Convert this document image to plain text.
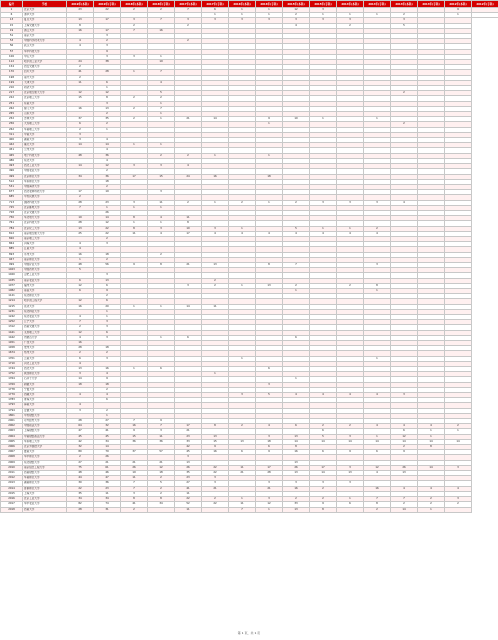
编号	学校	2019年(本科)	2019年(专科)	2018年(本科)	2018年(专科)	2017年(本科)	2017年(专科)	2016年(本科)	2016年(专科)	2015年(本科)	2015年(专科)	2014年(本科)	2014年(专科)	2013年(本科)	2013年(专科)	2012年(本科)	2012年(专科)
1	北京大学	23	22	2	2	7	6	1	1	12	3					9	
6	清华大学						1	1	1	2	1	1	1	2		1	
13	复旦大学	13	17	3	7	3	3	3	3	3	3	3		3			
15	上海交通大学	8		2		2				4		2		5			
19	浙江大学	16	17	7	16												
51	南京大学		3														
53	中国科学技术大学	4	2			2											
56	武汉大学	4	3														
57	华中科技大学		9														
106	中山大学		3	3	1												
112	哈尔滨工业大学	24	38		19												
154	西安交通大学	2															
170	四川大学	41	28	1	7												
198	南开大学	2															
199	天津大学	11	6		4												
210	同济大学		1														
217	北京航空航天大学	12	12		5									2			
222	北京理工大学	15	8	2	2												
251	东南大学		3		1												
262	厦门大学	16	13	2	7												
265	山东大学		2		1												
252	吉林大学	37	35	2	1	21	14		9	10	1		1				
256	大连理工大学	6	2						1					2			
262	华南理工大学	2	1														
311	中南大学	3															
400	湖南大学	3	4														
442	重庆大学	14	14	1	1												
451	兰州大学		4														
465	电子科技大学	48	36		2	2	1		1								
486	东北大学		4														
493	西北工业大学	14	12	3	3	4											
496	中国农业大学		2														
499	北京师范大学	34	36	17	15	24	16		18								
512	华东师范大学		18														
531	中国海洋大学		2														
677	西北农林科技大学	17	19		3												
685	中央民族大学	2															
713	国防科技大学	28	23	3	11	2	1	2	1	2	3	3	3	4			
725	北京邮电大学	7	1	1	1												
728	北京交通大学		26														
750	华北电力大学	19	14	8	4	11											
761	北京科技大学	28	12	1	1	8											
784	北京化工大学	13	22	8	3	10	3	1		5	1	1	2				
812	南京航空航天大学	25	22	11	4	17	4	4	4	4	4	4	4				
820	南京理工大学		2														
864	河海大学	4	3														
885	江南大学	4															
893	苏州大学	16	18		2												
947	南京师范大学	1	2														
999	中国矿业大学	48	56	9	8	21	13		8	7			3				
1023	中国药科大学	5															
1020	合肥工业大学		3														
1035	南京农业大学	6	13				2										
1077	福州大学	12	6			3	2	1	13	2		2	8				
1082	南昌大学	6	9							1			1				
1121	东北师范大学		2														
1214	哈尔滨工程大学	12	6														
1215	延边大学	16	20	1	1	14	11										
1231	东北林业大学		1														
1242	东北农业大学	4	1														
1252	辽宁大学	7	3														
1312	西南交通大学	2	3														
1441	太原理工大学	12	6														
1442	内蒙古大学	4	3		1	6				6							
1451	广西大学	16															
1458	贵州大学	28	18														
1674	郑州大学	2	2														
1701	云南大学	6	3					1					1				
1710	河北工业大学	4															
1744	西北大学	13	16	1	6				6								
1752	陕西师范大学	3	4				1										
1764	石河子大学	14	9							1							
1769	新疆大学	18	18						3								
1778	宁夏大学		2														
1779	西藏大学	4	4					3	5	4	4	4	4	3			
1783	青海大学		6														
1793	海南大学	4															
1794	安徽大学	3	2														
1801	中央财经大学		1														
2001	对外经贸大学	28	27	7	9												
2002	中国政法大学	64	32	16	7	17	8	2	4	6	2	2	4	4	4	2	
2003	上海财经大学	47	41	9	3	21					6			6	1	1	
2004	中南财经政法大学	45	45	15	11	23	13		3	13	5	3	1	12	1		
2005	华东理工大学	42	34	36	36	33	15	13	18	14	14	14	14	14	14	14	
2006	北京外国语大学	32	14			42	9		6	8				2	8		
2007	暨南大学	80	79	37	57	45	16	6	9	16	6	9	6	9			
2008	华中师范大学	2	26			3											
2009	东北财经大学	27	21	21	21	13				13							
2010	南京信息工程大学	75	61	26	12	26	22	11	17	26	17	3	12	26	14	3	
2011	西南财经大学	48	46	19	18	35	22	21	28	13	14	13	4	13			
2012	华南师范大学	44	47	11	2	23	3										
2013	湖南师范大学	30	36	7	5	27	3		3	3	3	3					
2014	首都师范大学	22	23	7	2	41	21		21	16	2		16	4	4	4	
2015	上海大学	35	11	3	2	11											
2016	北京工业大学	34	34	8	8	22	2	1	3	2	2	1	7	7	2	3	
2017	华中农业大学	82	74	41	34	52	22	11	12	33	9	6	8	2	2	2	
2018	西南大学	28	31	2		11		7	1	13	8		2	14	1		
第 1 页，共 1 页
